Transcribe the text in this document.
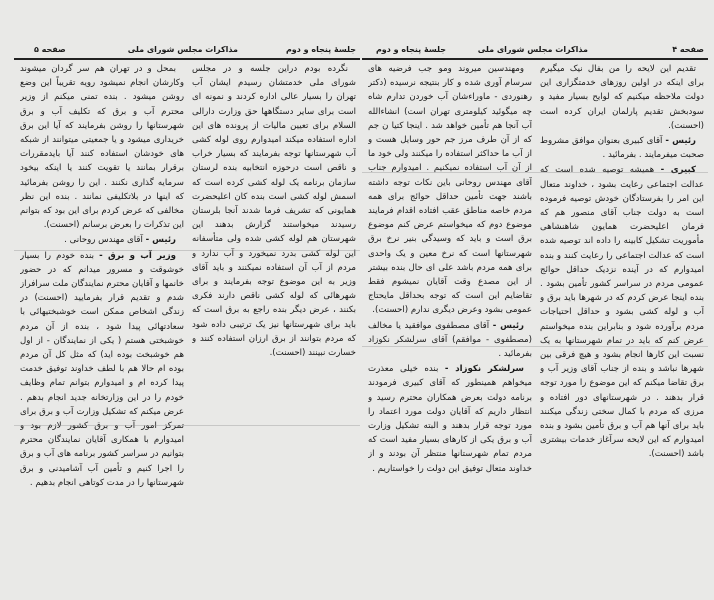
صفحه ۴
مذاکرات مجلس شورای ملی
جلسهٔ پنجاه و دوم

تقدیم این لایحه را من بفال نیک میگیرم برای اینکه در اولین روزهای خدمتگزاری این دولت ملاحظه میکنیم که لوایح بسیار مفید و سودبخش تقدیم پارلمان ایران کرده است (احسنت).

رئیس - آقای کبیری بعنوان موافق مشروط صحبت میفرمایند . بفرمائید .

کبیری - همیشه توصیه شده است که عدالت اجتماعی رعایت بشود ، خداوند متعال این امر را بفرستادگان خودش توصیه فرموده است به دولت جناب آقای منصور هم که فرمان اعلیحضرت همایون شاهنشاهی مأموریت تشکیل کابینه را داده اند توصیه شده است که عدالت اجتماعی را رعایت کنند و بنده امیدوارم که در آینده نزدیک حداقل حوائج عمومی مردم در سراسر کشور تأمین بشود . بنده اینجا عرض کردم که در شهرها باید برق و آب و لوله کشی بشود و حداقل احتیاجات مردم برآورده شود و بنابراین بنده میخواستم عرض کنم که باید در تمام شهرستانها به یک نسبت این کارها انجام بشود و هیچ فرقی بین شهرها نباشد و بنده از جناب آقای وزیر آب و برق تقاضا میکنم که این موضوع را مورد توجه قرار بدهند . در شهرستانهای دور افتاده و مرزی که مردم با کمال سختی زندگی میکنند باید برای آنها هم آب و برق تأمین بشود و بنده امیدوارم که این لایحه سرآغاز خدمات بیشتری باشد (احسنت).

ومهندسین میروند ومو جب فرضیه های سرسام آوری شده و کار بنتیجه نرسیده (دکتر رهنوردی - ماوراءشان آب خوردن تدارم شاه چه میگوئید کیلومتری تهران است) انشاءالله آب آنجا هم تأمین خواهد شد . اینجا کتیا ن جم که از آن طرف مرز جم حور وسایل هست و از آب ما حداکثر استفاده را میکنند ولی خود ما از آن آب استفاده نمیکنیم . امیدوارم جناب آقای مهندس روحانی باین نکات توجه داشته باشند جهت تأمین حداقل حوائج برای همه مردم خاصه مناطق عقب افتاده اقدام فرمایند موضوع دوم که میخواستم عرض کنم موضوع برق است و باید که وسیدگی بنیر نرخ برق شهرستانها است که نرخ معین و یک واحدی برای همه مردم باشد علی ای حال بنده بیشتر از این مصدع وقت آقایان نمیشوم فقط تقاضایم این است که توجه بحداقل مایحتاج عمومی بشود وعرض دیگری ندارم (احسنت).

رئیس - آقای مصطفوی موافقید یا مخالف (مصطفوی - موافقم) آقای سرلشکر نکوزاد بفرمائید .

سرلشکر نکوزاد - بنده خیلی معذرت میخواهم همینطور که آقای کبیری فرمودند برنامه دولت بعرض همکاران محترم رسید و انتظار داریم که آقایان دولت مورد اعتماد را مورد توجه قرار بدهند و البته تشکیل وزارت آب و برق یکی از کارهای بسیار مفید است که مردم تمام شهرستانها منتظر آن بودند و از خداوند متعال توفیق این دولت را خواستاریم .

جلسهٔ پنجاه و دوم
مذاکرات مجلس شورای ملی
صفحه ۵

نگرده بودم دراین جلسه و در مجلس شورای ملی خدمتشان رسیدم ایشان آب تهران را بسیار عالی اداره کردند و نمونه ای است برای سایر دستگاهها حق وزارت دارالی السلام برای تعیین مالیات از پرونده های این اداره استفاده میکند امیدوارم روی لوله کشی آب شهرستانها توجه بفرمایند که بسیار خراب و ناقص است درحوزه انتخابیه بنده لرستان سازمان برنامه یک لوله کشی کرده است که اسمش لوله کشی است بنده کان اعلیحضرت همایونی که تشریف فرما شدند آنجا بلرستان رسیدند میخواستند گزارش بدهند این شهرستان هم لوله کشی شده ولی متأسفانه این لوله کشی بدرد نمیخورد و آب ندارد و مردم از آب آن استفاده نمیکنند و باید آقای وزیر به این موضوع توجه بفرمایند و برای شهرهائی که لوله کشی ناقص دارند فکری بکنند ، عرض دیگر بنده راجع به برق است که باید برای شهرستانها نیز یک ترتیبی داده شود که مردم بتوانند از برق ارزان استفاده کنند و خسارت نبینند (احسنت).

بمحل و در تهران هم سر گردان میشوند وکارشان انجام نمیشود رویه تقریباً این وضع روشن میشود . بنده تمنی میکنم از وزیر محترم آب و برق که تکلیف آب و برق شهرستانها را روشن بفرمایند که آیا این برق خریداری میشود و یا جمعیتی میتوانند از شبکه های خودشان استفاده کنند آیا بایدمقررات برقرار بمانند یا تقویت کنند یا اینکه بیخود سرمایه گذاری نکنند . این را روشن بفرمائید که اینها در بلاتکلیفی نمانند . بنده این نظر مخالفی که عرض کردم برای این بود که بتوانم این تذکرات را بعرض برسانم (احسنت).

رئیس - آقای مهندس روحانی .

وزیر آب و برق - بنده خودم را بسیار خوشوقت و مسرور میدانم که در حضور خانمها و آقایان محترم نمایندگان ملت سرافراز شدم و تقدیم قرار بفرمایید (احسنت) در زندگی اشخاص ممکن است خوشبختیهائی با سعادتهائی پیدا شود ، بنده از آن مردم خوشبختی هستم ( یکی از نمایندگان - از اول هم خوشبخت بوده اید) که مثل کل آن مردم بوده ام حالا هم با لطف خداوند توفیق خدمت پیدا کرده ام و امیدوارم بتوانم تمام وظایف خودم را در این وزارتخانه جدید انجام بدهم . عرض میکنم که تشکیل وزارت آب و برق برای تمرکز امور آب و برق کشور لازم بود و امیدوارم با همکاری آقایان نمایندگان محترم بتوانیم در سراسر کشور برنامه های آب و برق را اجرا کنیم و تأمین آب آشامیدنی و برق شهرستانها را در مدت کوتاهی انجام بدهیم .
